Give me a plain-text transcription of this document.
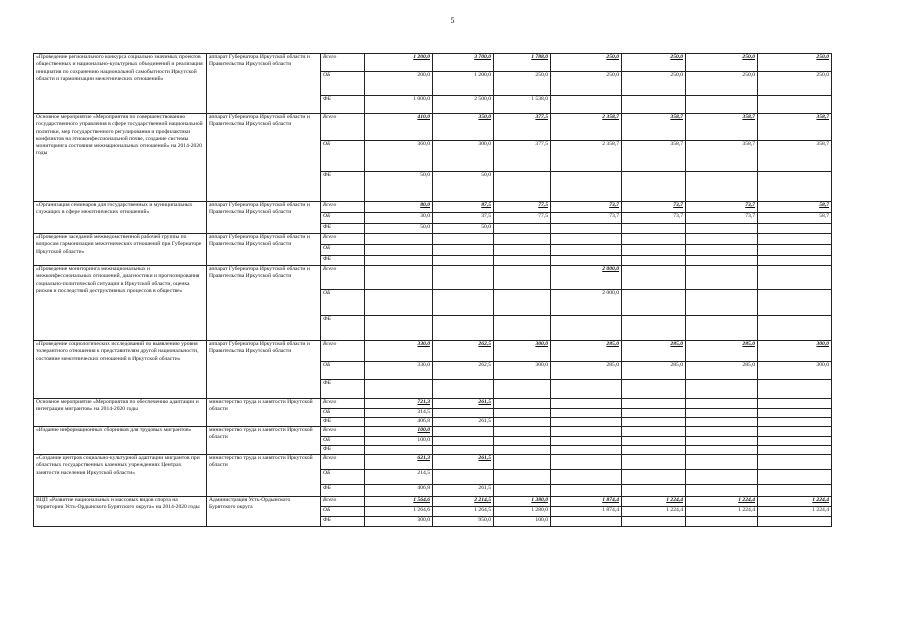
5
«Проведение регионального конкурса социально значимых проектов общественных и национально-культурных объединений и реализация инициатив по сохранению национальной самобытности Иркутской области и гармонизации межэтнических отношений»	аппарат Губернатора Иркутской области и Правительства Иркутской области	Всего	1 200,0	3 700,0	1 788,0	250,0	250,0	250,0	250,0
		ОБ	200,0	1 200,0	250,0	250,0	250,0	250,0	250,0
		ФБ	1 000,0	2 500,0	1 538,0				
Основное мероприятие «Мероприятия по совершенствованию государственного управления в сфере государственной национальной политики, мер государственного регулирования и профилактики конфликтов на этноконфессиональной почве, создание системы мониторинга состояния межнациональных отношений» на 2014-2020 годы	аппарат Губернатора Иркутской области и Правительства Иркутской области	Всего	410,0	350,0	377,5	2 358,7	358,7	358,7	358,7
		ОБ	360,0	300,0	377,5	2 358,7	358,7	358,7	358,7
		ФБ	50,0	50,0					
«Организация семинаров для государственных и муниципальных служащих в сфере межэтнических отношений»	аппарат Губернатора Иркутской области и Правительства Иркутской области	Всего	80,0	87,5	77,5	73,7	73,7	73,7	58,7
		ОБ	30,0	37,5	77,5	73,7	73,7	73,7	58,7
		ФБ	50,0	50,0					
«Проведение заседаний межведомственной рабочей группы по вопросам гармонизации межэтнических отношений при Губернаторе Иркутской области»	аппарат Губернатора Иркутской области и Правительства Иркутской области	Всего							
		ОБ							
		ФБ							
«Проведение мониторинга межнациональных и межконфессиональных отношений, диагностики и прогнозирования социально-политической ситуации в Иркутской области, оценка рисков и последствий деструктивных процессов в обществе»	аппарат Губернатора Иркутской области и Правительства Иркутской области	Всего				2 000,0			
		ОБ				2 000,0			
		ФБ							
«Проведение социологических исследований по выявлению уровня толерантного отношения к представителям другой национальности, состояние межэтнических отношений в Иркутской области»	аппарат Губернатора Иркутской области и Правительства Иркутской области	Всего	330,0	262,5	300,0	285,0	285,0	285,0	300,0
		ОБ	330,0	262,5	300,0	285,0	285,0	285,0	300,0
		ФБ							
Основное мероприятие «Мероприятия по обеспечению адаптации и интеграции мигрантов» на 2014-2020 годы	министерство труда и занятости Иркутской области	Всего	721,3	261,5					
		ОБ	314,5						
		ФБ	406,8	261,5					
«Издание информационных сборников для трудовых мигрантов»	министерство труда и занятости Иркутской области	Всего	100,0						
		ОБ	100,0						
		ФБ							
«Создание центров социально-культурной адаптации мигрантов при областных государственных казенных учреждениях Центрах занятости населения Иркутской области»	министерство труда и занятости Иркутской области	Всего	621,3	261,5					
		ОБ	214,5						
		ФБ	406,8	261,5					
ВЦП «Развитие национальных и массовых видов спорта на территории Усть-Ордынского Бурятского округа» на 2014-2020 годы	Администрация Усть-Ордынского Бурятского округа	Всего	1 564,6	2 214,5	1 380,0	1 874,4	1 224,4	1 224,4	1 224,4
		ОБ	1 264,6	1 264,5	1 280,0	1 874,4	1 224,4	1 224,4	1 224,4
		ФБ	300,0	950,0	100,0				
